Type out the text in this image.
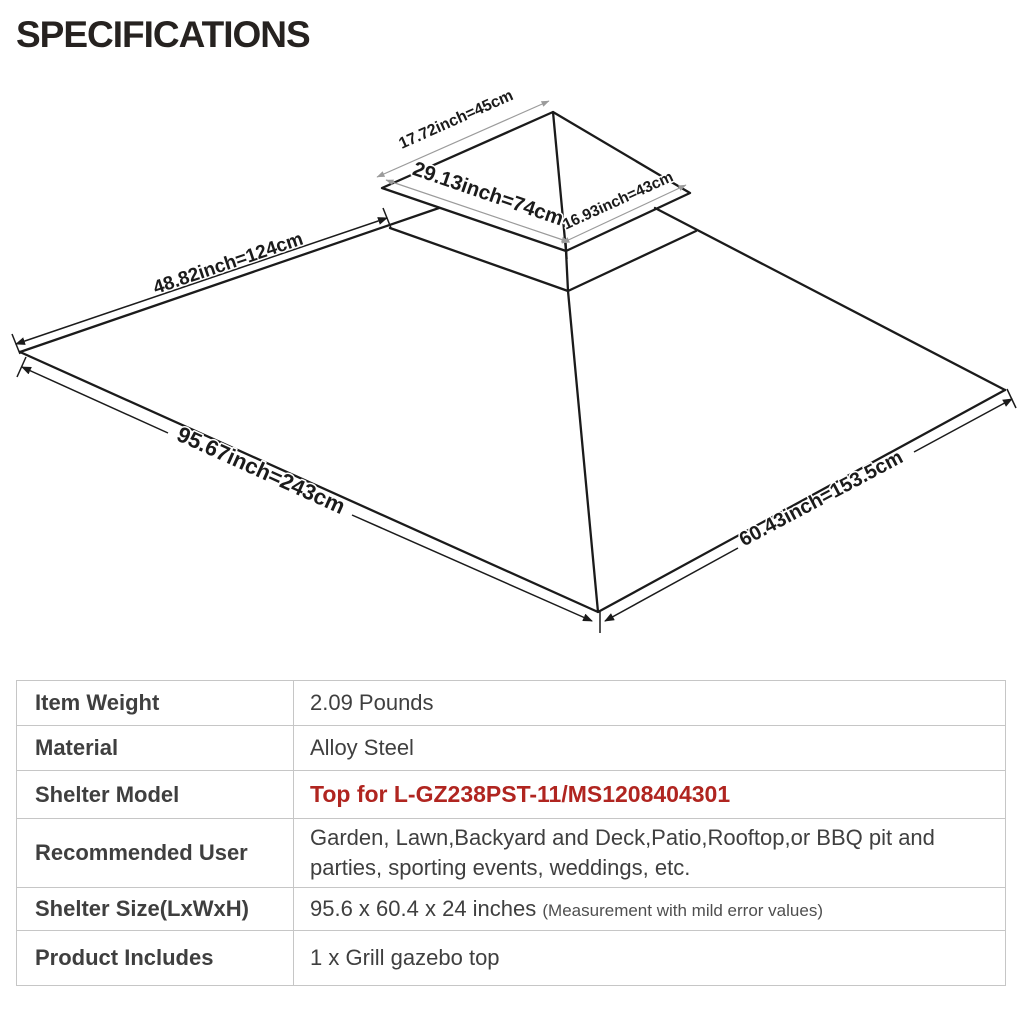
SPECIFICATIONS
17.72inch=45cm
29.13inch=74cm
16.93inch=43cm
48.82inch=124cm
95.67inch=243cm	60.43inch=153.5cm
Item Weight	2.09 Pounds
Material	Alloy Steel
Shelter Model	Top for L-GZ238PST-11/MS1208404301
Recommended User	Garden, Lawn,Backyard and Deck,Patio,Rooftop,or BBQ pit and parties, sporting events, weddings, etc.

Shelter Size(LxWxH)	95.6 x 60.4 x 24 inches (Measurement with mild error values)
Product Includes	1 x Grill gazebo top
